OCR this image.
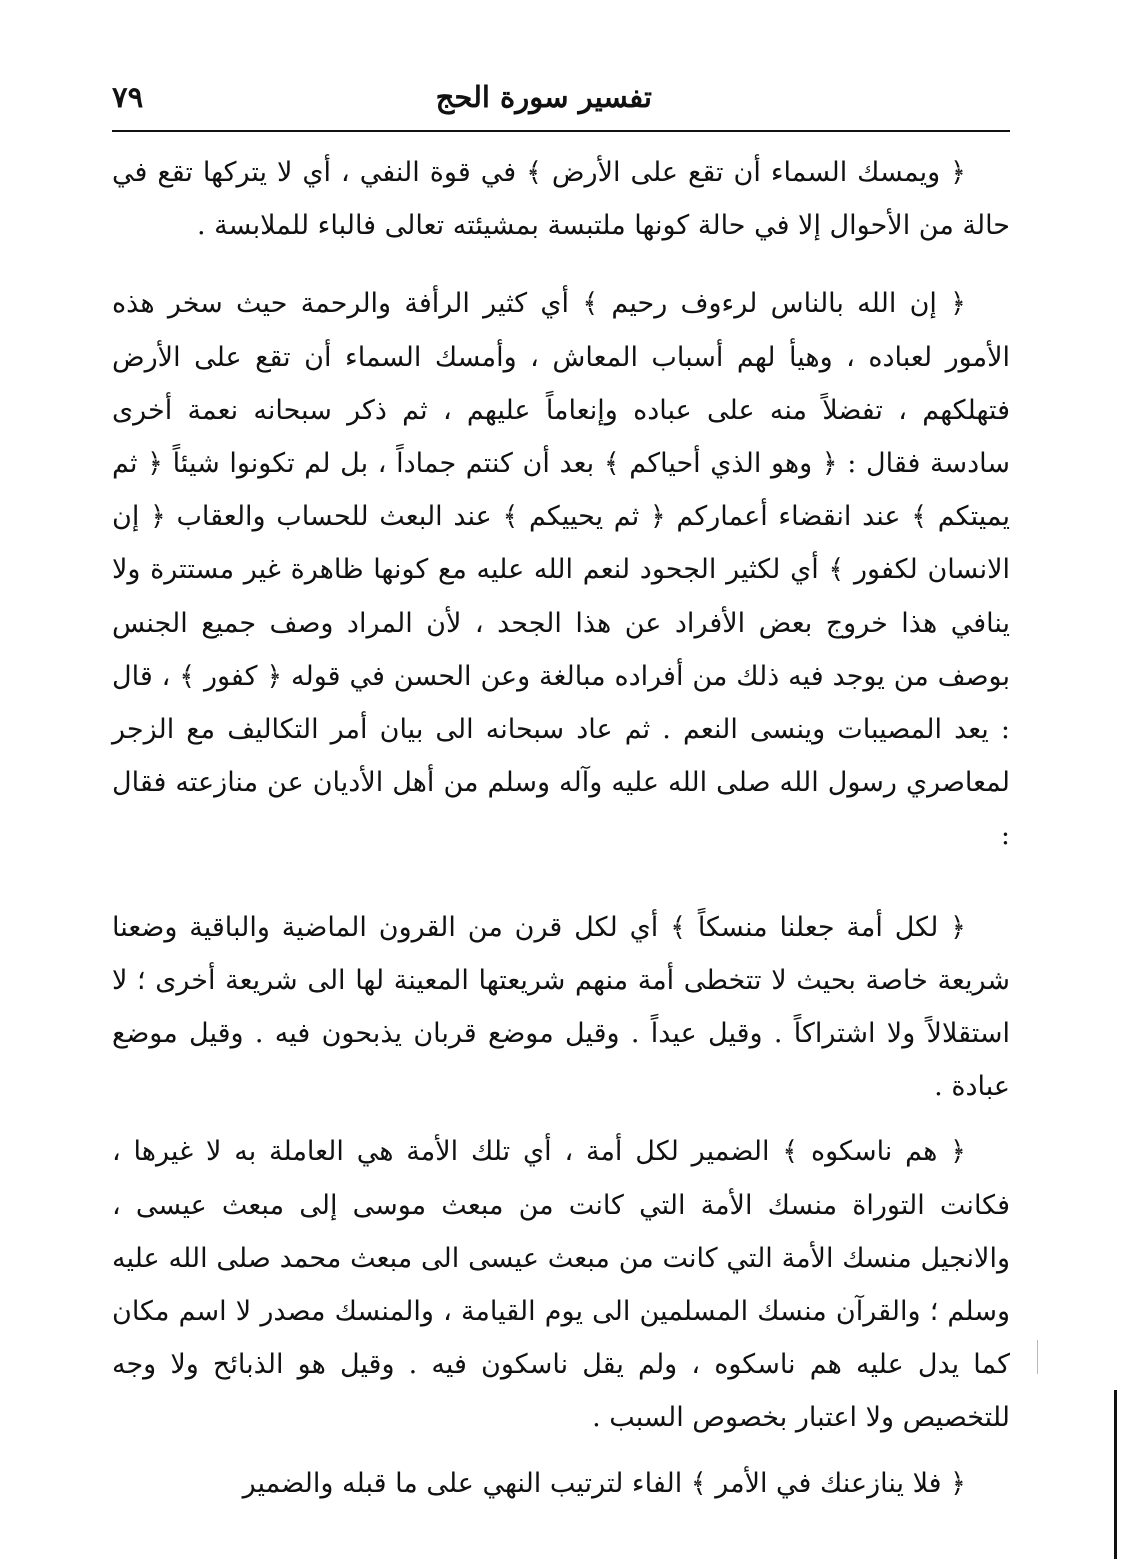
تفسير سورة الحج
٧٩

﴿ ويمسك السماء أن تقع على الأرض ﴾ في قوة النفي ، أي لا يتركها تقع في حالة من الأحوال إلا في حالة كونها ملتبسة بمشيئته تعالى فالباء للملابسة .

﴿ إن الله بالناس لرءوف رحيم ﴾ أي كثير الرأفة والرحمة حيث سخر هذه الأمور لعباده ، وهيأ لهم أسباب المعاش ، وأمسك السماء أن تقع على الأرض فتهلكهم ، تفضلاً منه على عباده وإنعاماً عليهم ، ثم ذكر سبحانه نعمة أخرى سادسة فقال : ﴿ وهو الذي أحياكم ﴾ بعد أن كنتم جماداً ، بل لم تكونوا شيئاً ﴿ ثم يميتكم ﴾ عند انقضاء أعماركم ﴿ ثم يحييكم ﴾ عند البعث للحساب والعقاب ﴿ إن الانسان لكفور ﴾ أي لكثير الجحود لنعم الله عليه مع كونها ظاهرة غير مستترة ولا ينافي هذا خروج بعض الأفراد عن هذا الجحد ، لأن المراد وصف جميع الجنس بوصف من يوجد فيه ذلك من أفراده مبالغة وعن الحسن في قوله ﴿ كفور ﴾ ، قال : يعد المصيبات وينسى النعم . ثم عاد سبحانه الى بيان أمر التكاليف مع الزجر لمعاصري رسول الله صلى الله عليه وآله وسلم من أهل الأديان عن منازعته فقال :

﴿ لكل أمة جعلنا منسكاً ﴾ أي لكل قرن من القرون الماضية والباقية وضعنا شريعة خاصة بحيث لا تتخطى أمة منهم شريعتها المعينة لها الى شريعة أخرى ؛ لا استقلالاً ولا اشتراكاً . وقيل عيداً . وقيل موضع قربان يذبحون فيه . وقيل موضع عبادة .

﴿ هم ناسكوه ﴾ الضمير لكل أمة ، أي تلك الأمة هي العاملة به لا غيرها ، فكانت التوراة منسك الأمة التي كانت من مبعث موسى إلى مبعث عيسى ، والانجيل منسك الأمة التي كانت من مبعث عيسى الى مبعث محمد صلى الله عليه وسلم ؛ والقرآن منسك المسلمين الى يوم القيامة ، والمنسك مصدر لا اسم مكان كما يدل عليه هم ناسكوه ، ولم يقل ناسكون فيه . وقيل هو الذبائح ولا وجه للتخصيص ولا اعتبار بخصوص السبب .

﴿ فلا ينازعنك في الأمر ﴾ الفاء لترتيب النهي على ما قبله والضمير
